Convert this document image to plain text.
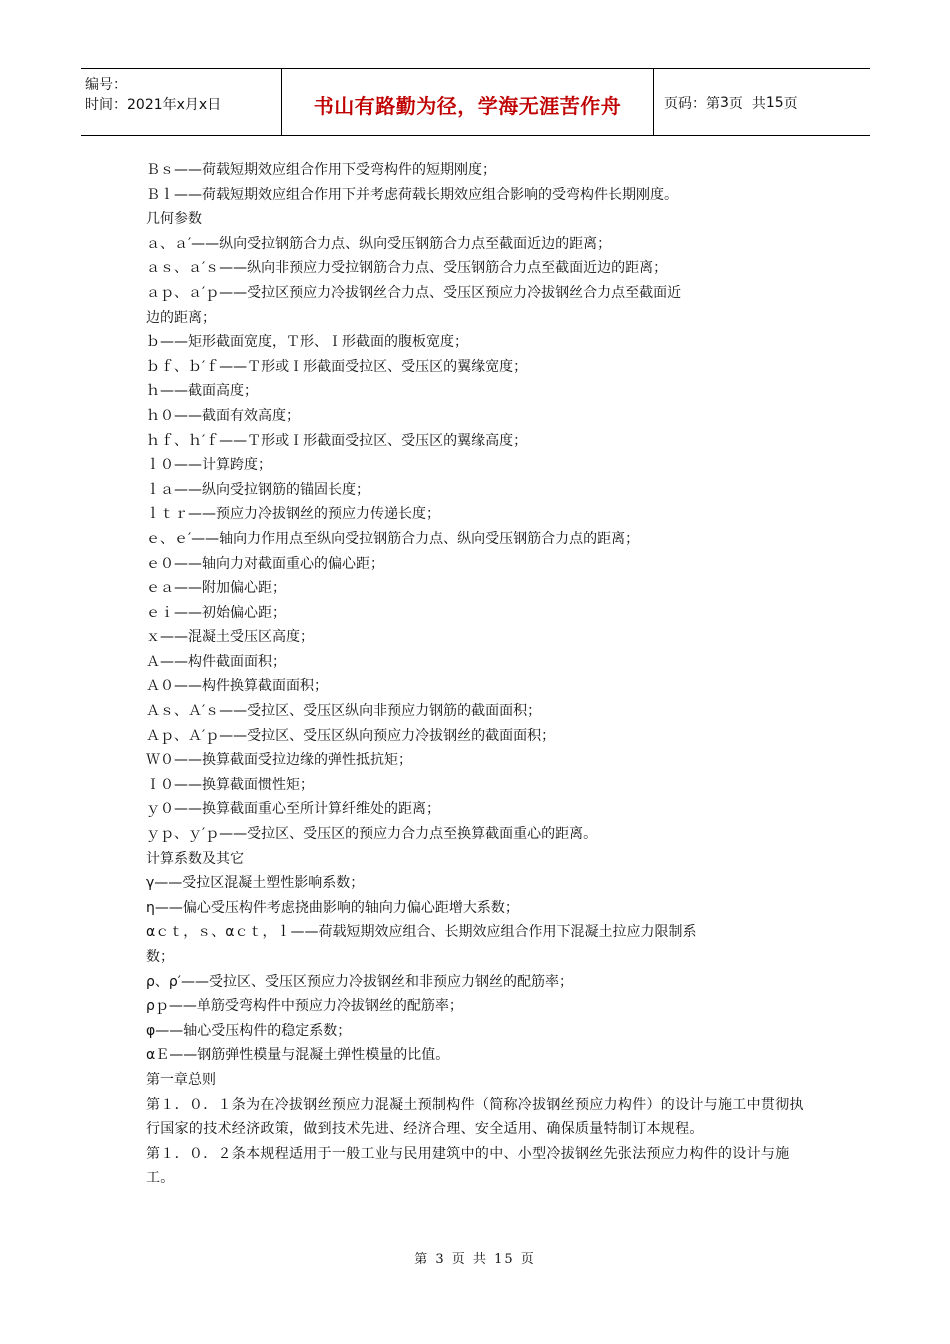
编号：
时间：2021年x月x日	书山有路勤为径，学海无涯苦作舟	页码：第 3 页  共 15 页
Ｂｓ——荷载短期效应组合作用下受弯构件的短期刚度；
Ｂｌ——荷载短期效应组合作用下并考虑荷载长期效应组合影响的受弯构件长期刚度。
几何参数
ａ、ａ′——纵向受拉钢筋合力点、纵向受压钢筋合力点至截面近边的距离；
ａｓ、ａ′ｓ——纵向非预应力受拉钢筋合力点、受压钢筋合力点至截面近边的距离；
ａｐ、ａ′ｐ——受拉区预应力冷拔钢丝合力点、受压区预应力冷拔钢丝合力点至截面近
边的距离；
ｂ——矩形截面宽度，Ｔ形、Ｉ形截面的腹板宽度；
ｂｆ、ｂ′ｆ——Ｔ形或Ｉ形截面受拉区、受压区的翼缘宽度；
ｈ——截面高度；
ｈ０——截面有效高度；
ｈｆ、ｈ′ｆ——Ｔ形或Ｉ形截面受拉区、受压区的翼缘高度；
ｌ０——计算跨度；
ｌａ——纵向受拉钢筋的锚固长度；
ｌｔｒ——预应力冷拔钢丝的预应力传递长度；
ｅ、ｅ′——轴向力作用点至纵向受拉钢筋合力点、纵向受压钢筋合力点的距离；
ｅ０——轴向力对截面重心的偏心距；
ｅａ——附加偏心距；
ｅｉ——初始偏心距；
ｘ——混凝土受压区高度；
Ａ——构件截面面积；
Ａ０——构件换算截面面积；
Ａｓ、Ａ′ｓ——受拉区、受压区纵向非预应力钢筋的截面面积；
Ａｐ、Ａ′ｐ——受拉区、受压区纵向预应力冷拔钢丝的截面面积；
Ｗ０——换算截面受拉边缘的弹性抵抗矩；
Ｉ０——换算截面惯性矩；
ｙ０——换算截面重心至所计算纤维处的距离；
ｙｐ、ｙ′ｐ——受拉区、受压区的预应力合力点至换算截面重心的距离。
计算系数及其它
γ——受拉区混凝土塑性影响系数；
η——偏心受压构件考虑挠曲影响的轴向力偏心距增大系数；
αｃｔ，ｓ、αｃｔ，ｌ——荷载短期效应组合、长期效应组合作用下混凝土拉应力限制系
数；
ρ、ρ′——受拉区、受压区预应力冷拔钢丝和非预应力钢丝的配筋率；
ρｐ——单筋受弯构件中预应力冷拔钢丝的配筋率；
φ——轴心受压构件的稳定系数；
αＥ——钢筋弹性模量与混凝土弹性模量的比值。
第一章总则
第１．０．１条为在冷拔钢丝预应力混凝土预制构件（简称冷拔钢丝预应力构件）的设计与施工中贯彻执行国家的技术经济政策，做到技术先进、经济合理、安全适用、确保质量特制订本规程。
第１．０．２条本规程适用于一般工业与民用建筑中的中、小型冷拔钢丝先张法预应力构件的设计与施工。
第 3 页 共 15 页
